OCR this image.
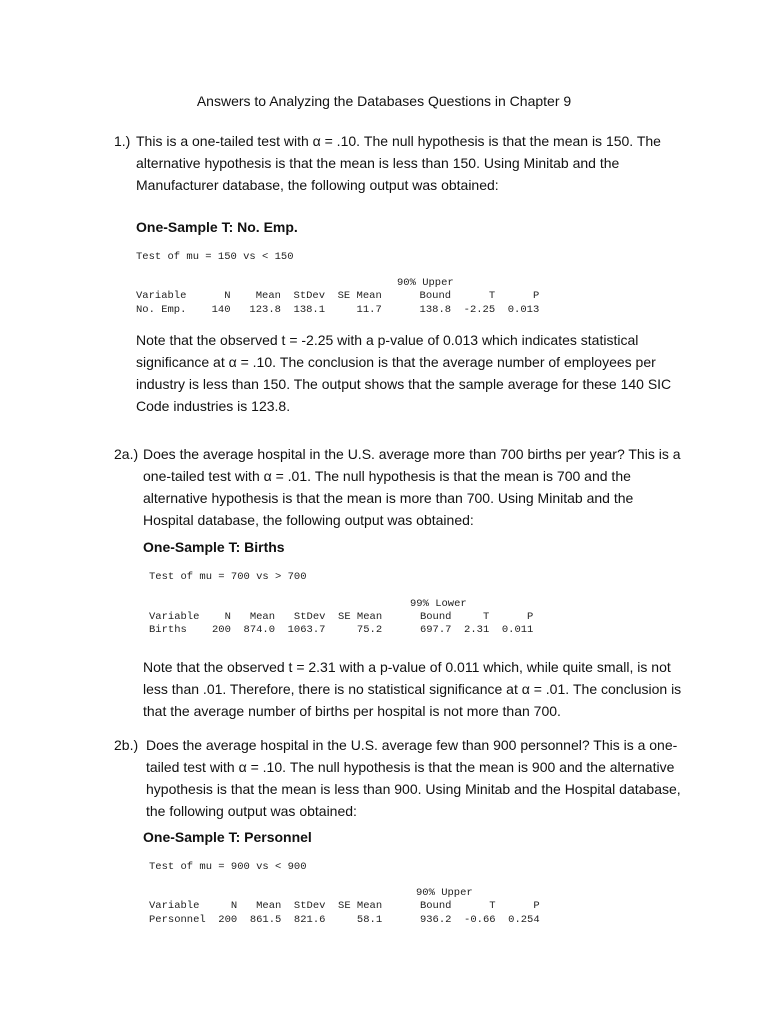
Answers to Analyzing the Databases Questions in Chapter 9
1.) This is a one-tailed test with α = .10. The null hypothesis is that the mean is 150. The

alternative hypothesis is that the mean is less than 150. Using Minitab and the

Manufacturer database, the following output was obtained:

One-Sample T: No. Emp.
Test of mu = 150 vs < 150
90% Upper
Variable      N    Mean  StDev  SE Mean      Bound      T      P
No. Emp.    140   123.8  138.1     11.7      138.8  -2.25  0.013

Note that the observed t = -2.25 with a p-value of 0.013 which indicates statistical

significance at α = .10. The conclusion is that the average number of employees per

industry is less than 150. The output shows that the sample average for these 140 SIC

Code industries is 123.8.

2a.) Does the average hospital in the U.S. average more than 700 births per year? This is a

one-tailed test with α = .01. The null hypothesis is that the mean is 700 and the

alternative hypothesis is that the mean is more than 700. Using Minitab and the

Hospital database, the following output was obtained:

One-Sample T: Births
Test of mu = 700 vs > 700
99% Lower
Variable    N   Mean   StDev  SE Mean      Bound     T      P
Births    200  874.0  1063.7     75.2      697.7  2.31  0.011

Note that the observed t = 2.31 with a p-value of 0.011 which, while quite small, is not

less than .01. Therefore, there is no statistical significance at α = .01. The conclusion is

that the average number of births per hospital is not more than 700.

2b.) Does the average hospital in the U.S. average few than 900 personnel? This is a one-

tailed test with α = .10. The null hypothesis is that the mean is 900 and the alternative

hypothesis is that the mean is less than 900. Using Minitab and the Hospital database,

the following output was obtained:

One-Sample T: Personnel
Test of mu = 900 vs < 900
90% Upper
Variable     N   Mean  StDev  SE Mean      Bound      T      P
Personnel  200  861.5  821.6     58.1      936.2  -0.66  0.254
